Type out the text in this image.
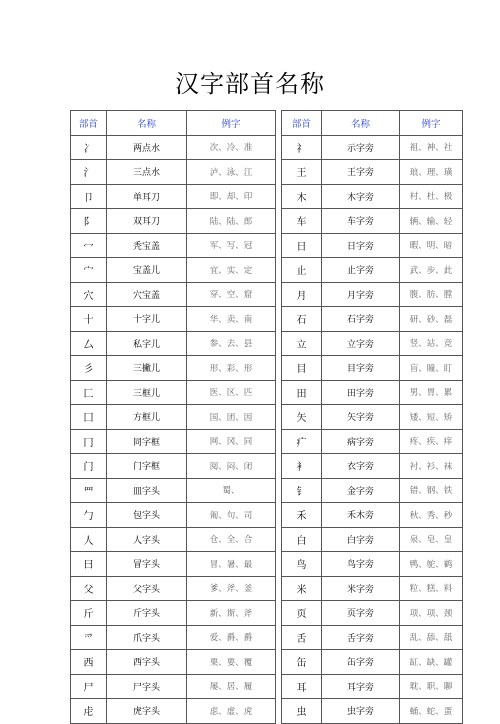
汉字部首名称
部首	名称	例字
冫	两点水	次、冷、准
氵	三点水	泸、泳、江
卩	单耳刀	即、却、印
阝	双耳刀	陆、陆、郎
冖	秃宝盖	军、写、冠
宀	宝盖儿	宜、实、定
穴	穴宝盖	穿、空、窟
十	十字儿	华、卖、南
厶	私字儿	参、去、县
彡	三撇儿	形、彩、形
匚	三框儿	医、区、匹
囗	方框儿	国、团、因
冂	同字框	网、冈、同
门	门字框	阅、闷、闭
罒	皿字头	蜀、
勹	包字头	匍、句、司
人	人字头	仓、全、合
曰	冒字头	冒、暑、最
父	父字头	爹、斧、釜
斤	斤字头	新、斯、斧
爫	爪字头	爱、爵、爵
西	西字头	栗、要、覆
尸	尸字头	屡、居、履
虍	虎字头	虑、虚、虎
部首	名称	例字
礻	示字旁	祖、神、社
王	王字旁	琅、理、璜
木	木字旁	村、杜、极
车	车字旁	辆、输、轻
日	日字旁	暇、明、暗
止	止字旁	武、步、此
月	月字旁	腹、肪、膛
石	石字旁	研、砂、磊
立	立字旁	竖、站、竞
目	目字旁	盲、瞳、盯
田	田字旁	男、胃、累
矢	矢字旁	矮、短、矫
疒	病字旁	疼、疾、痒
衤	衣字旁	衬、衫、袜
钅	金字旁	错、钢、铁
禾	禾木旁	秋、秀、秒
白	白字旁	泉、皂、皇
鸟	鸟字旁	鸭、鸵、鹤
米	米字旁	粒、糕、料
页	页字旁	项、项、颈
舌	舌字旁	乱、舔、舐
缶	缶字旁	缸、缺、罐
耳	耳字旁	耽、职、聊
虫	虫字旁	蛹、蛇、蛋
